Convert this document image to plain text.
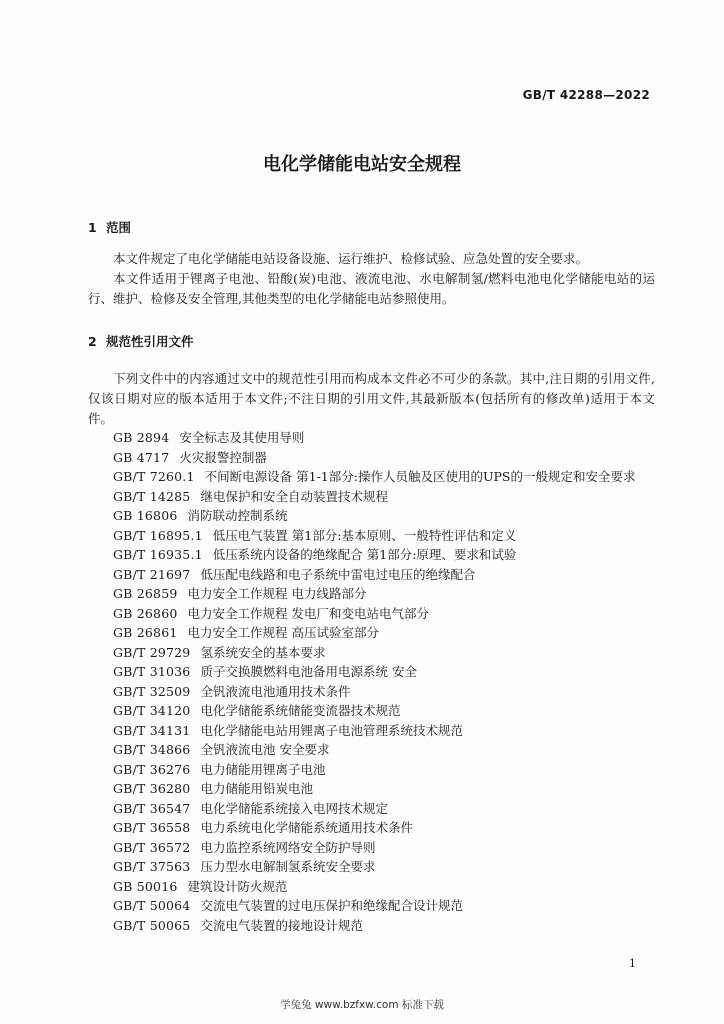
GB/T 42288—2022
电化学储能电站安全规程
1 范围

本文件规定了电化学储能电站设备设施、运行维护、检修试验、应急处置的安全要求。

本文件适用于锂离子电池、铅酸(炭)电池、液流电池、水电解制氢/燃料电池电化学储能电站的运行、维护、检修及安全管理,其他类型的电化学储能电站参照使用。

2 规范性引用文件

下列文件中的内容通过文中的规范性引用而构成本文件必不可少的条款。其中,注日期的引用文件,仅该日期对应的版本适用于本文件;不注日期的引用文件,其最新版本(包括所有的修改单)适用于本文件。

GB 2894 安全标志及其使用导则
GB 4717 火灾报警控制器
GB/T 7260.1 不间断电源设备 第1-1部分:操作人员触及区使用的UPS的一般规定和安全要求
GB/T 14285 继电保护和安全自动装置技术规程
GB 16806 消防联动控制系统
GB/T 16895.1 低压电气装置 第1部分:基本原则、一般特性评估和定义
GB/T 16935.1 低压系统内设备的绝缘配合 第1部分:原理、要求和试验
GB/T 21697 低压配电线路和电子系统中雷电过电压的绝缘配合
GB 26859 电力安全工作规程 电力线路部分
GB 26860 电力安全工作规程 发电厂和变电站电气部分
GB 26861 电力安全工作规程 高压试验室部分
GB/T 29729 氢系统安全的基本要求
GB/T 31036 质子交换膜燃料电池备用电源系统 安全
GB/T 32509 全钒液流电池通用技术条件
GB/T 34120 电化学储能系统储能变流器技术规范
GB/T 34131 电化学储能电站用锂离子电池管理系统技术规范
GB/T 34866 全钒液流电池 安全要求
GB/T 36276 电力储能用锂离子电池
GB/T 36280 电力储能用铅炭电池
GB/T 36547 电化学储能系统接入电网技术规定
GB/T 36558 电力系统电化学储能系统通用技术条件
GB/T 36572 电力监控系统网络安全防护导则
GB/T 37563 压力型水电解制氢系统安全要求
GB 50016 建筑设计防火规范
GB/T 50064 交流电气装置的过电压保护和绝缘配合设计规范
GB/T 50065 交流电气装置的接地设计规范
1
学兔兔 www.bzfxw.com 标准下载
